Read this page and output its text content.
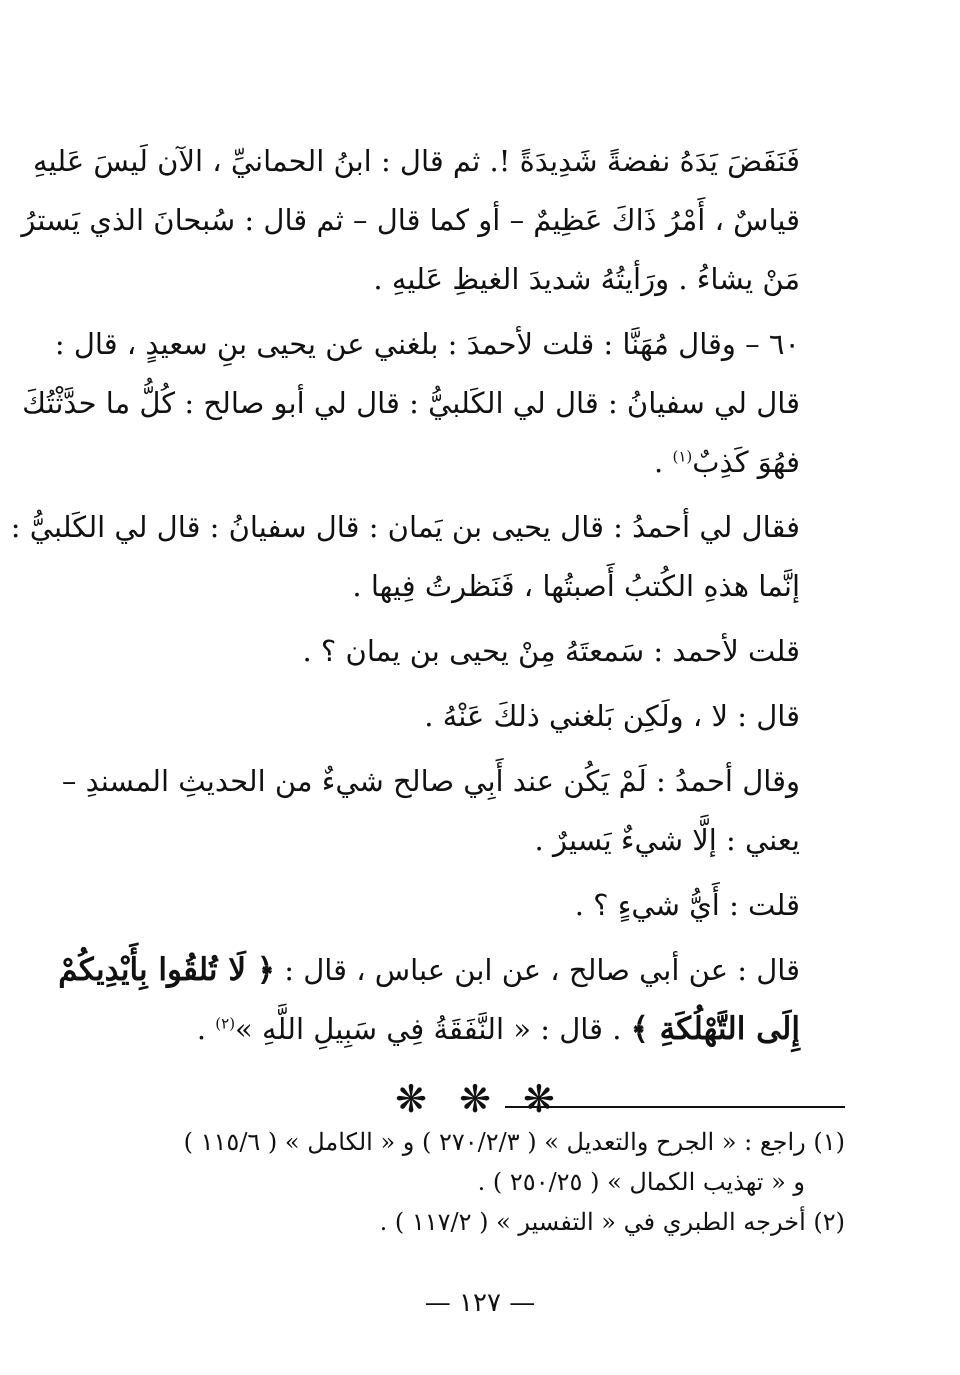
فَنَفَضَ يَدَهُ نفضةً شَدِيدَةً !. ثم قال : ابنُ الحمانيِّ ، الآن لَيسَ عَليهِ
قياسٌ ، أَمْرُ ذَاكَ عَظِيمٌ – أو كما قال – ثم قال : سُبحانَ الذي يَسترُ
مَنْ يشاءُ . ورَأيتُهُ شديدَ الغيظِ عَليهِ .

٦٠ – وقال مُهَنَّا : قلت لأحمدَ : بلغني عن يحيى بنِ سعيدٍ ، قال :
قال لي سفيانُ : قال لي الكَلبيُّ : قال لي أبو صالح : كُلُّ ما حدَّثْتُكَ
فهُوَ كَذِبٌ$^{(١)}$ .

فقال لي أحمدُ : قال يحيى بن يَمان : قال سفيانُ : قال لي الكَلبيُّ :
إنَّما هذهِ الكُتبُ أَصبتُها ، فَنَظرتُ فِيها .

قلت لأحمد : سَمعتَهُ مِنْ يحيى بن يمان ؟ .

قال : لا ، ولَكِن بَلغني ذلكَ عَنْهُ .

وقال أحمدُ : لَمْ يَكُن عند أَبِي صالح شيءٌ من الحديثِ المسندِ –
يعني : إلَّا شيءٌ يَسيرٌ .

قلت : أَيُّ شيءٍ ؟ .

قال : عن أبي صالح ، عن ابن عباس ، قال : ﴿ لَا تُلقُوا بِأَيْدِيكُمْ
إِلَى التَّهْلُكَةِ ﴾ . قال : « النَّفَقَةُ فِي سَبِيلِ اللَّهِ »$^{(٢)}$ .

❋ ❋ ❋

(١) راجع : « الجرح والتعديل » ( ٢٧٠/٢/٣ ) و « الكامل » ( ١١٥/٦ )
و « تهذيب الكمال » ( ٢٥٠/٢٥ ) .

(٢) أخرجه الطبري في « التفسير » ( ١١٧/٢ ) .

— ١٢٧ —
